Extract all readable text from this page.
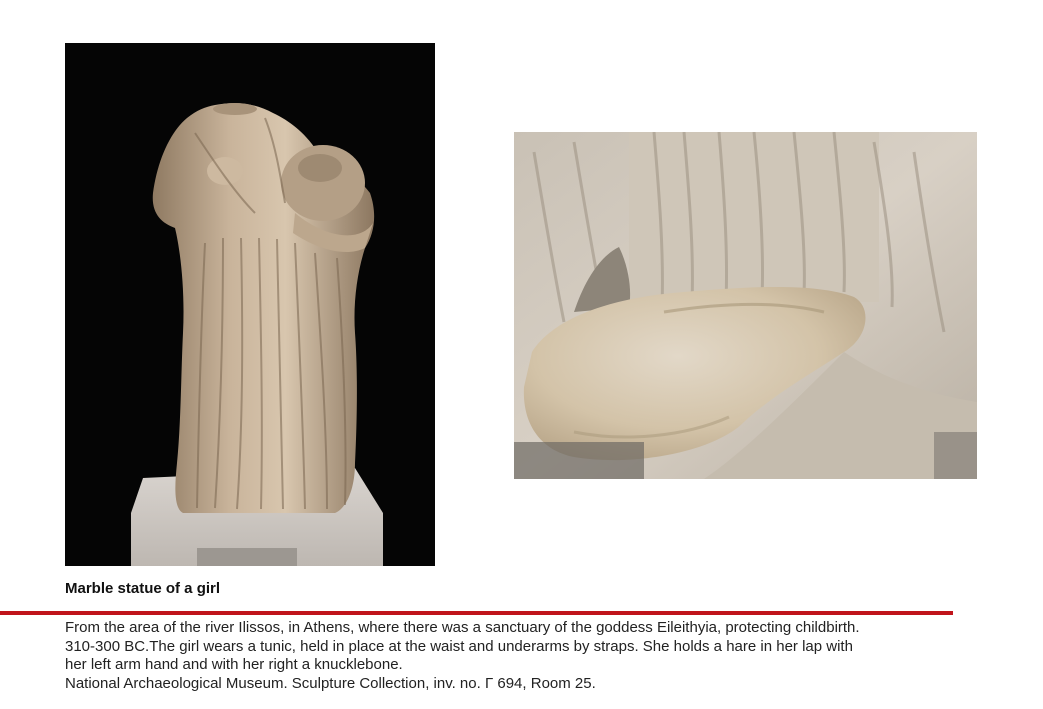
Marble statue of a girl
From the area of the river Ilissos, in Athens, where there was a sanctuary of the goddess Eileithyia, protecting childbirth.
310-300 BC.The girl wears a tunic, held in place at the waist and underarms by straps. She holds a hare in her lap with
her left arm hand and with her right a knucklebone.
National Archaeological Museum. Sculpture Collection, inv. no. Γ 694, Room 25.
